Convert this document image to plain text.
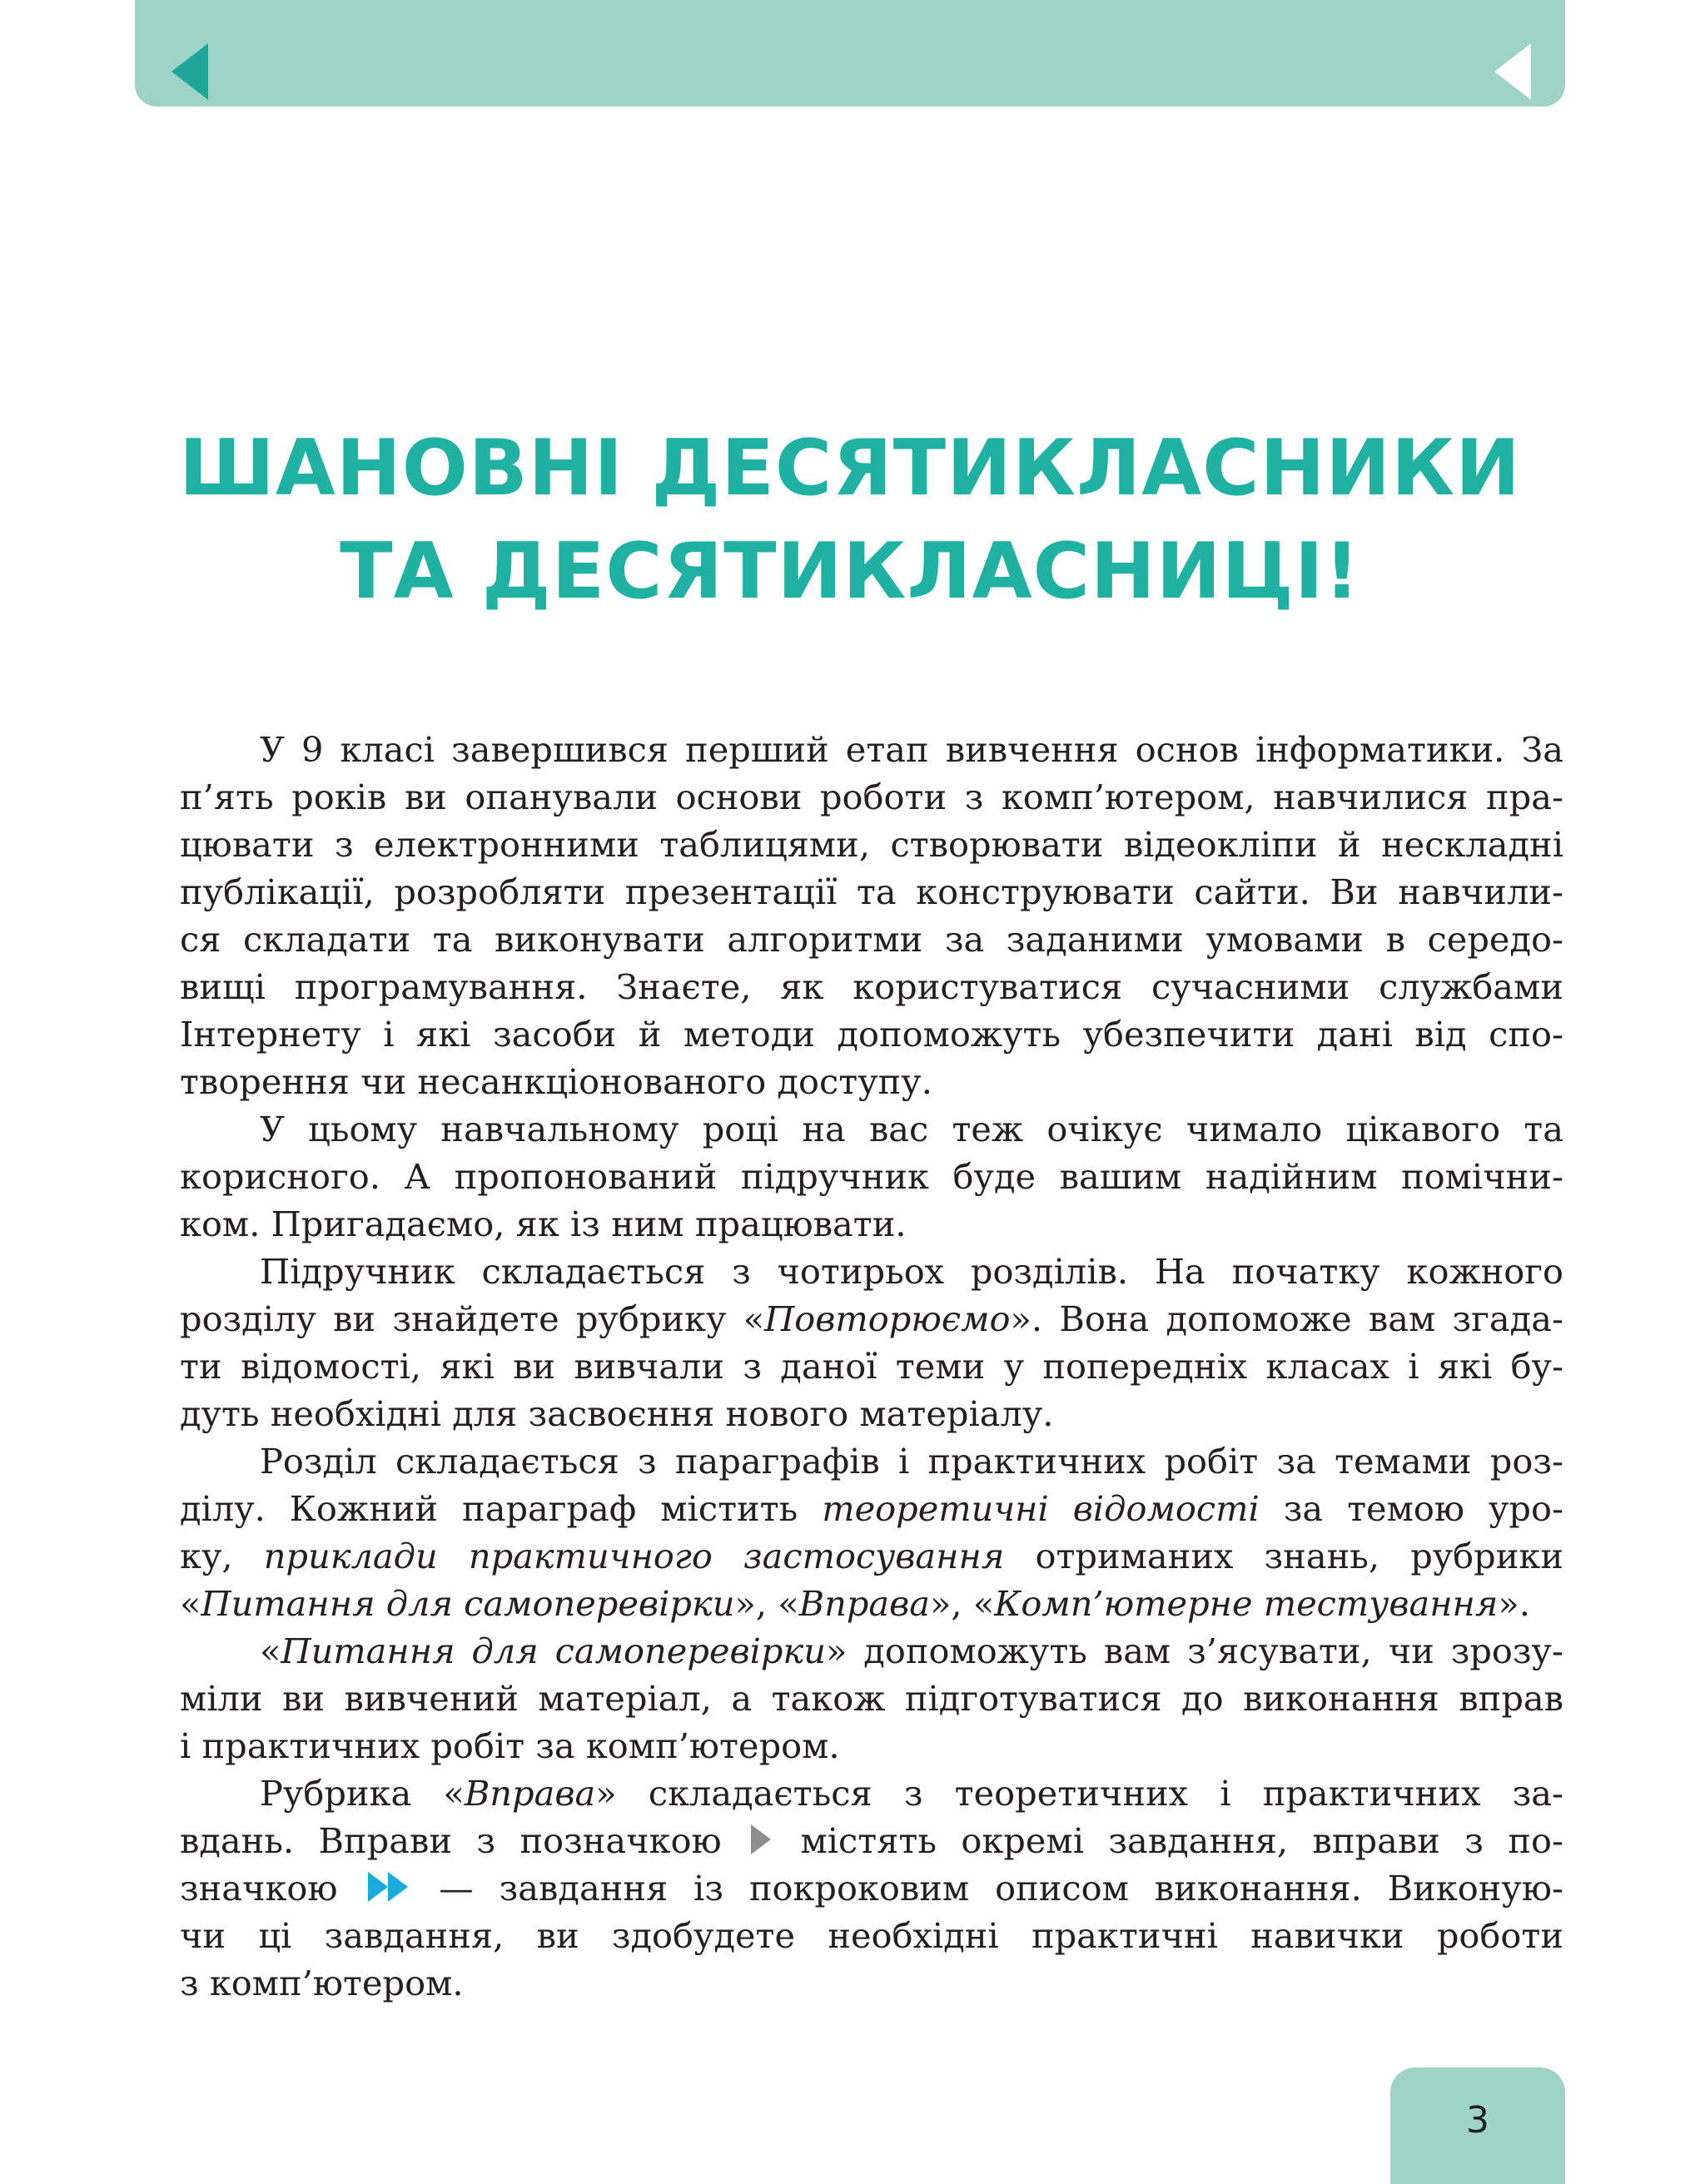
ШАНОВНІ ДЕСЯТИКЛАСНИКИ
ТА ДЕСЯТИКЛАСНИЦІ!
У 9 класі завершився перший етап вивчення основ інформатики. За
п’ять років ви опанували основи роботи з комп’ютером, навчилися пра-
цювати з електронними таблицями, створювати відеокліпи й нескладні
публікації, розробляти презентації та конструювати сайти. Ви навчили-
ся складати та виконувати алгоритми за заданими умовами в середо-
вищі програмування. Знаєте, як користуватися сучасними службами
Інтернету і які засоби й методи допоможуть убезпечити дані від спо-
творення чи несанкціонованого доступу.
У цьому навчальному році на вас теж очікує чимало цікавого та
корисного. А пропонований підручник буде вашим надійним помічни-
ком. Пригадаємо, як із ним працювати.
Підручник складається з чотирьох розділів. На початку кожного
розділу ви знайдете рубрику «Повторюємо». Вона допоможе вам згада-
ти відомості, які ви вивчали з даної теми у попередніх класах і які бу-
дуть необхідні для засвоєння нового матеріалу.
Розділ складається з параграфів і практичних робіт за темами роз-
ділу. Кожний параграф містить теоретичні відомості за темою уро-
ку, приклади практичного застосування отриманих знань, рубрики
«Питання для самоперевірки», «Вправа», «Комп’ютерне тестування».
«Питання для самоперевірки» допоможуть вам з’ясувати, чи зрозу-
міли ви вивчений матеріал, а також підготуватися до виконання вправ
і практичних робіт за комп’ютером.
Рубрика «Вправа» складається з теоретичних і практичних за-
вдань. Вправи з позначкою містять окремі завдання, вправи з по-
значкою	— завдання із покроковим описом виконання. Виконую-
чи ці завдання, ви здобудете необхідні практичні навички роботи
з комп’ютером.
3
